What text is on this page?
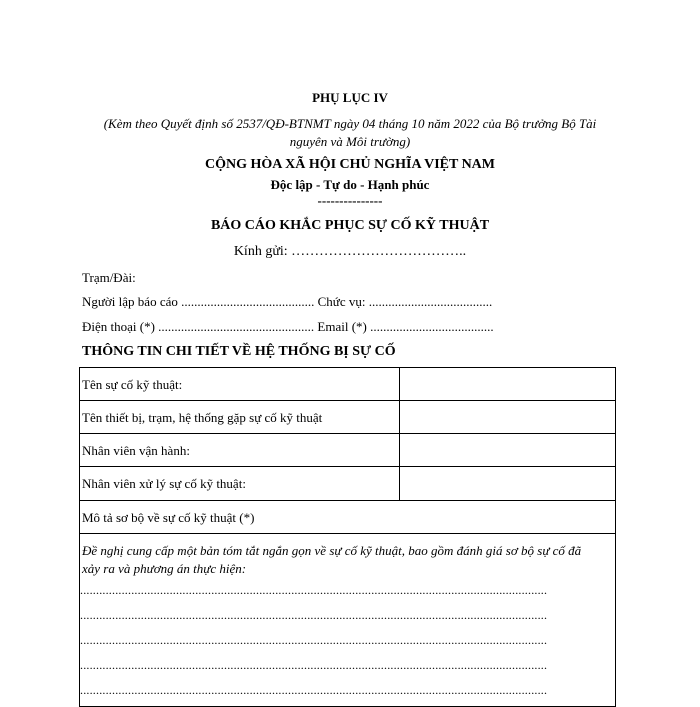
PHỤ LỤC IV
(Kèm theo Quyết định số 2537/QĐ-BTNMT ngày 04 tháng 10 năm 2022 của Bộ trưởng Bộ Tài
nguyên và Môi trường)
CỘNG HÒA XÃ HỘI CHỦ NGHĨA VIỆT NAM
Độc lập - Tự do - Hạnh phúc
---------------
BÁO CÁO KHẮC PHỤC SỰ CỐ KỸ THUẬT
Kính gửi: ………………………………..
Trạm/Đài:
Người lập báo cáo ......................................... Chức vụ: ......................................
Điện thoại (*) ................................................ Email (*) ......................................
THÔNG TIN CHI TIẾT VỀ HỆ THỐNG BỊ SỰ CỐ
Tên sự cố kỹ thuật:
Tên thiết bị, trạm, hệ thống gặp sự cố kỹ thuật
Nhân viên vận hành:
Nhân viên xử lý sự cố kỹ thuật:
Mô tả sơ bộ về sự cố kỹ thuật (*)
Đề nghị cung cấp một bản tóm tắt ngắn gọn về sự cố kỹ thuật, bao gồm đánh giá sơ bộ sự cố đã
xảy ra và phương án thực hiện:
..................................................................................................................................................
..................................................................................................................................................
..................................................................................................................................................
..................................................................................................................................................
..................................................................................................................................................
